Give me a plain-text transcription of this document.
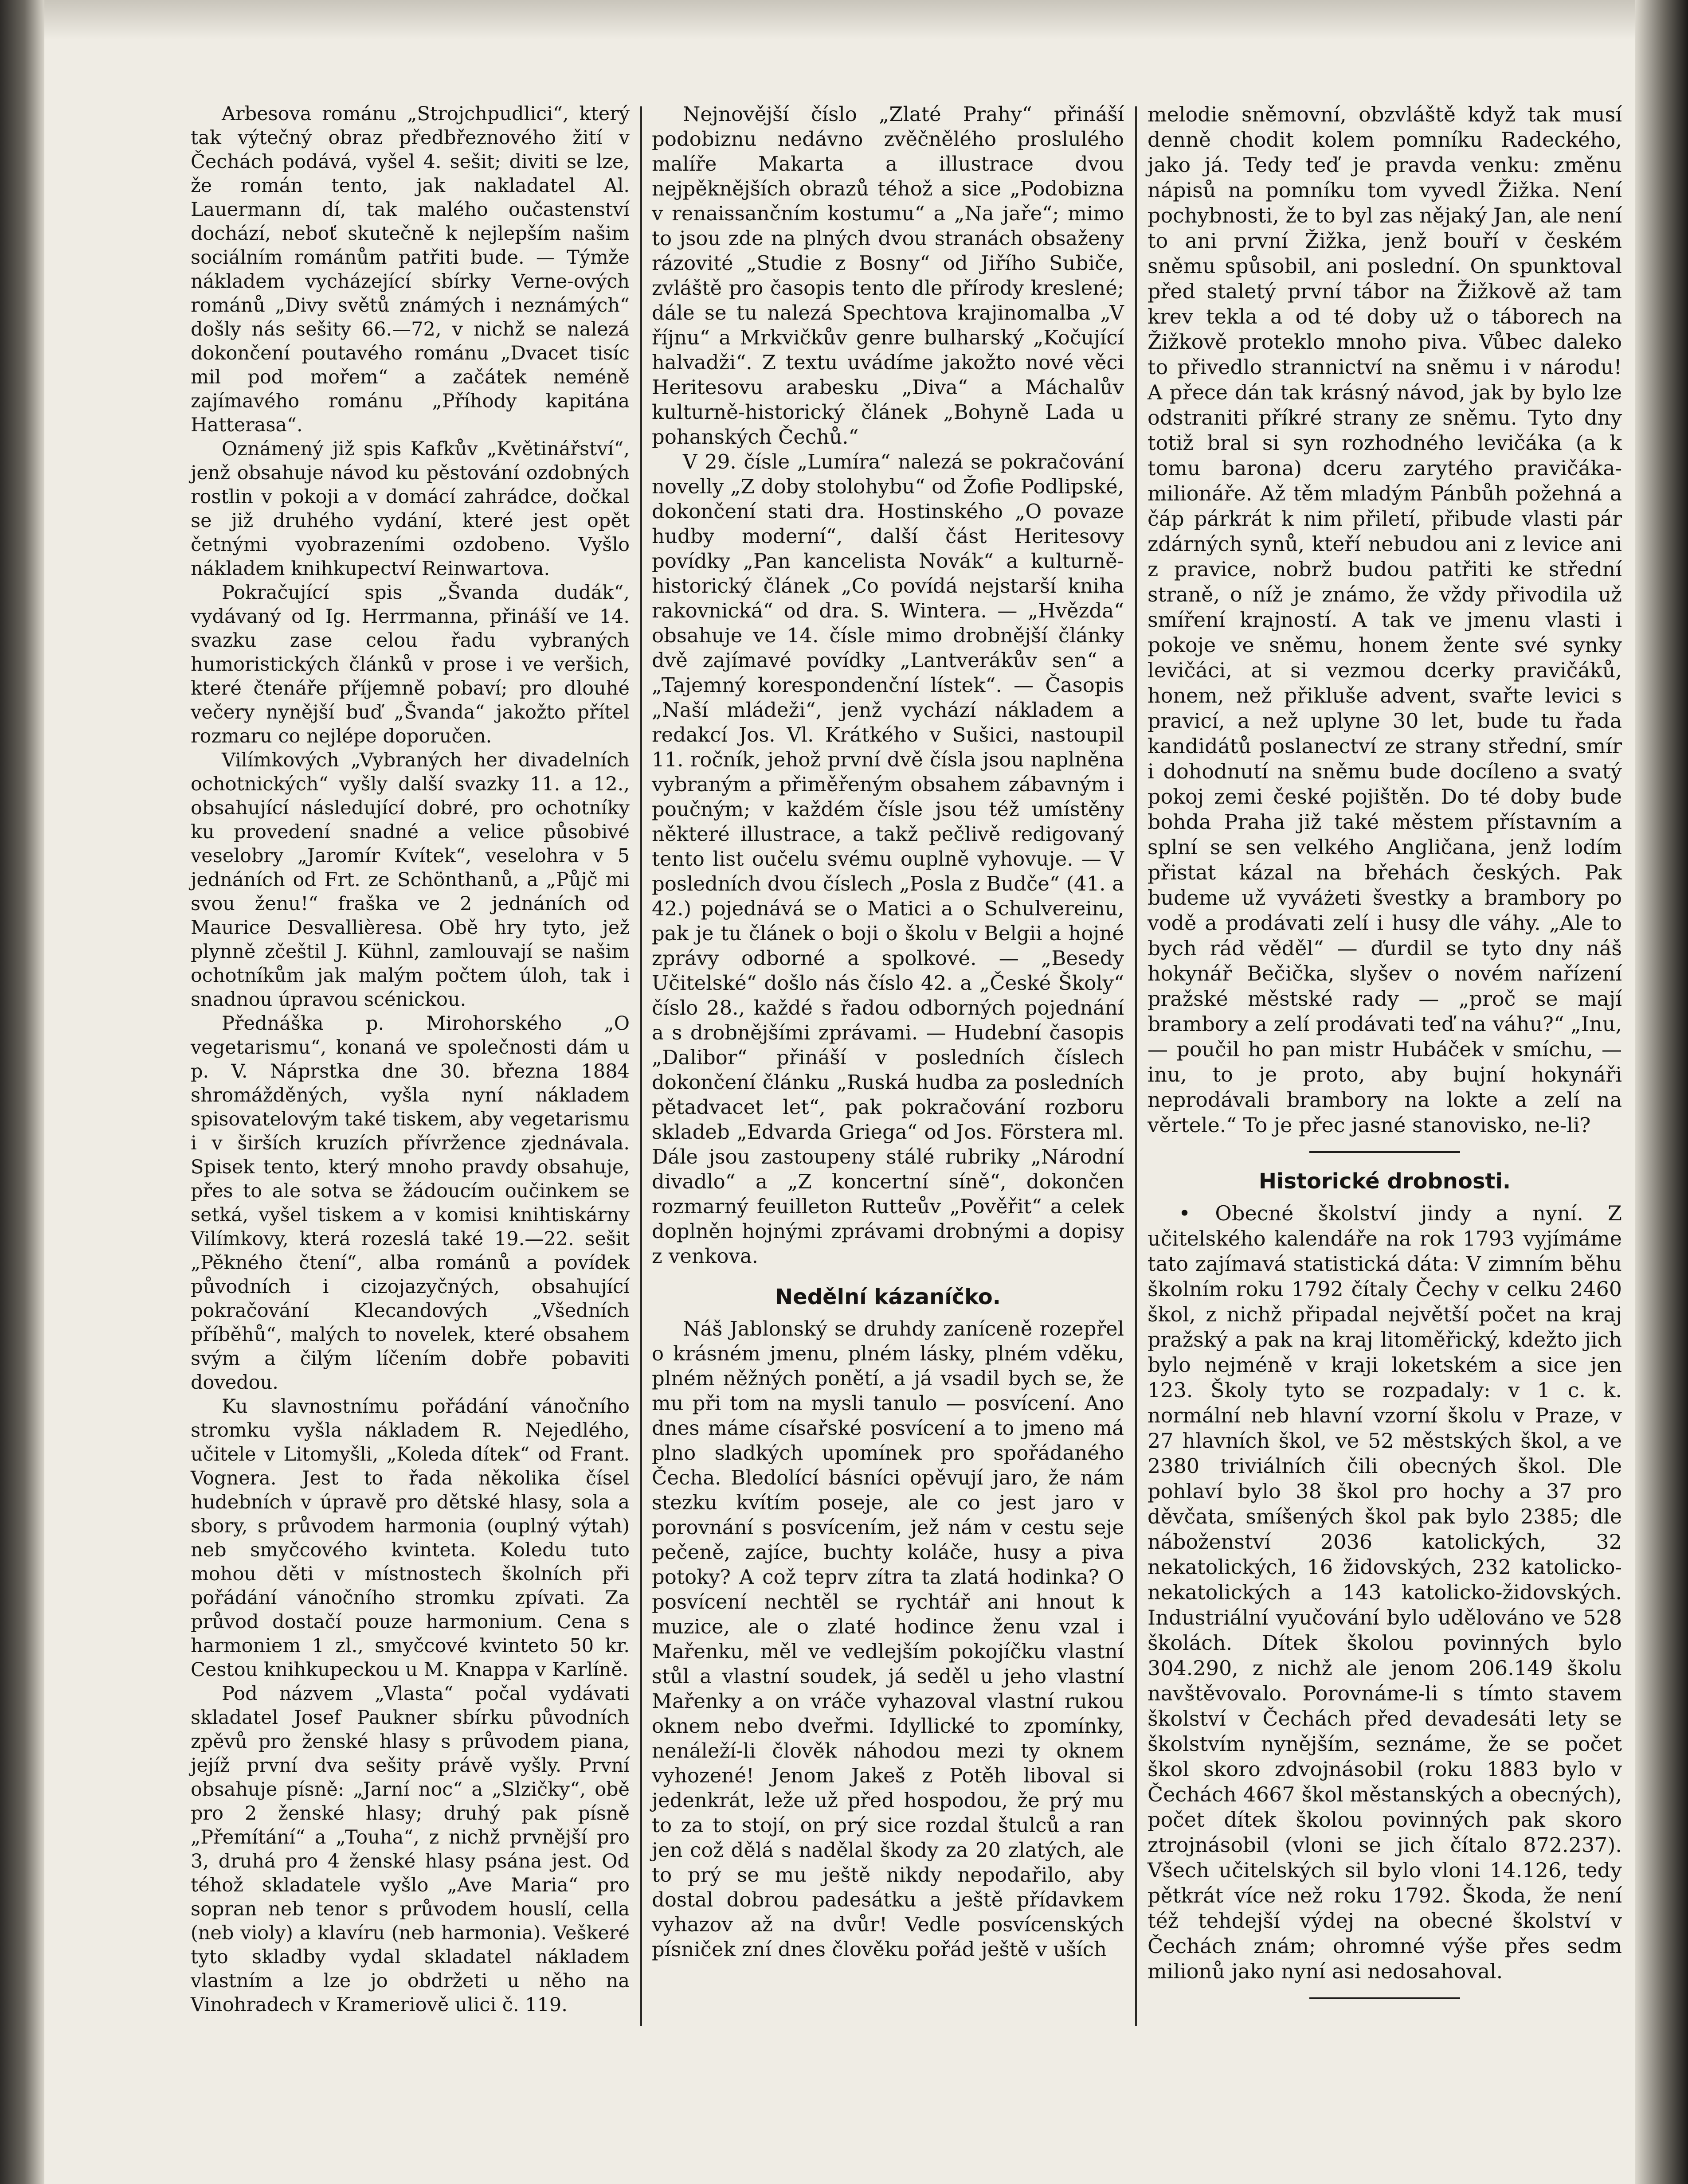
Arbesova románu „Strojchpudlici“, který tak výtečný obraz předbřeznového žití v Čechách podává, vyšel 4. sešit; diviti se lze, že román tento, jak nakladatel Al. Lauermann dí, tak malého oučastenství dochází, neboť skutečně k nejlepším našim sociálním románům patřiti bude. — Týmže nákladem vycházející sbírky Verne-ových románů „Divy světů známých i neznámých“ došly nás sešity 66.—72, v nichž se nalezá dokončení poutavého románu „Dvacet tisíc mil pod mořem“ a začátek neméně zajímavého románu „Příhody kapitána Hatterasa“.

Oznámený již spis Kafkův „Květinářství“, jenž obsahuje návod ku pěstování ozdobných rostlin v pokoji a v domácí zahrádce, dočkal se již druhého vydání, které jest opět četnými vyobrazeními ozdobeno. Vyšlo nákladem knihkupectví Reinwartova.

Pokračující spis „Švanda dudák“, vydávaný od Ig. Herrmanna, přináší ve 14. svazku zase celou řadu vybraných humoristických článků v prose i ve veršich, které čtenáře příjemně pobaví; pro dlouhé večery nynější buď „Švanda“ jakožto přítel rozmaru co nejlépe doporučen.

Vilímkových „Vybraných her divadelních ochotnických“ vyšly další svazky 11. a 12., obsahující následující dobré, pro ochotníky ku provedení snadné a velice působivé veselobry „Jaromír Kvítek“, veselohra v 5 jednáních od Frt. ze Schönthanů, a „Půjč mi svou ženu!“ fraška ve 2 jednáních od Maurice Desvallièresa. Obě hry tyto, jež plynně zčeštil J. Kühnl, zamlouvají se našim ochotníkům jak malým počtem úloh, tak i snadnou úpravou scénickou.

Přednáška p. Mirohorského „O vegetarismu“, konaná ve společnosti dám u p. V. Náprstka dne 30. března 1884 shromážděných, vyšla nyní nákladem spisovatelovým také tiskem, aby vegetarismu i v širších kruzích přívržence zjednávala. Spisek tento, který mnoho pravdy obsahuje, přes to ale sotva se žádoucím oučinkem se setká, vyšel tiskem a v komisi knihtiskárny Vilímkovy, která rozeslá také 19.—22. sešit „Pěkného čtení“, alba románů a povídek původních i cizojazyčných, obsahující pokračování Klecandových „Všedních příběhů“, malých to novelek, které obsahem svým a čilým líčením dobře pobaviti dovedou.

Ku slavnostnímu pořádání vánočního stromku vyšla nákladem R. Nejedlého, učitele v Litomyšli, „Koleda dítek“ od Frant. Vognera. Jest to řada několika čísel hudebních v úpravě pro dětské hlasy, sola a sbory, s průvodem harmonia (ouplný výtah) neb smyčcového kvinteta. Koledu tuto mohou děti v místnostech školních při pořádání vánočního stromku zpívati. Za průvod dostačí pouze harmonium. Cena s harmoniem 1 zl., smyčcové kvinteto 50 kr. Cestou knihkupeckou u M. Knappa v Karlíně.

Pod názvem „Vlasta“ počal vydávati skladatel Josef Paukner sbírku původních zpěvů pro ženské hlasy s průvodem piana, jejíž první dva sešity právě vyšly. První obsahuje písně: „Jarní noc“ a „Slzičky“, obě pro 2 ženské hlasy; druhý pak písně „Přemítání“ a „Touha“, z nichž prvnější pro 3, druhá pro 4 ženské hlasy psána jest. Od téhož skladatele vyšlo „Ave Maria“ pro sopran neb tenor s průvodem houslí, cella (neb violy) a klavíru (neb harmonia). Veškeré tyto skladby vydal skladatel nákladem vlastním a lze jo obdržeti u něho na Vinohradech v Krameriově ulici č. 119.

Nejnovější číslo „Zlaté Prahy“ přináší podobiznu nedávno zvěčnělého proslulého malíře Makarta a illustrace dvou nejpěknějších obrazů téhož a sice „Podobizna v renaissančním kostumu“ a „Na jaře“; mimo to jsou zde na plných dvou stranách obsaženy rázovité „Studie z Bosny“ od Jiřího Subiče, zvláště pro časopis tento dle přírody kreslené; dále se tu nalezá Spechtova krajinomalba „V říjnu“ a Mrkvičkův genre bulharský „Kočující halvadži“. Z textu uvádíme jakožto nové věci Heritesovu arabesku „Diva“ a Máchalův kulturně-historický článek „Bohyně Lada u pohanských Čechů.“

V 29. čísle „Lumíra“ nalezá se pokračování novelly „Z doby stolohybu“ od Žofie Podlipské, dokončení stati dra. Hostinského „O povaze hudby moderní“, další část Heritesovy povídky „Pan kancelista Novák“ a kulturně-historický článek „Co povídá nejstarší kniha rakovnická“ od dra. S. Wintera. — „Hvězda“ obsahuje ve 14. čísle mimo drobnější články dvě zajímavé povídky „Lantverákův sen“ a „Tajemný korespondenční lístek“. — Časopis „Naší mládeži“, jenž vychází nákladem a redakcí Jos. Vl. Krátkého v Sušici, nastoupil 11. ročník, jehož první dvě čísla jsou naplněna vybraným a přiměřeným obsahem zábavným i poučným; v každém čísle jsou též umístěny některé illustrace, a takž pečlivě redigovaný tento list oučelu svému ouplně vyhovuje. — V posledních dvou číslech „Posla z Budče“ (41. a 42.) pojednává se o Matici a o Schulvereinu, pak je tu článek o boji o školu v Belgii a hojné zprávy odborné a spolkové. — „Besedy Učitelské“ došlo nás číslo 42. a „České Školy“ číslo 28., každé s řadou odborných pojednání a s drobnějšími zprávami. — Hudební časopis „Dalibor“ přináší v posledních číslech dokončení článku „Ruská hudba za posledních pětadvacet let“, pak pokračování rozboru skladeb „Edvarda Griega“ od Jos. Förstera ml. Dále jsou zastoupeny stálé rubriky „Národní divadlo“ a „Z koncertní síně“, dokončen rozmarný feuilleton Rutteův „Pověřit“ a celek doplněn hojnými zprávami drobnými a dopisy z venkova.

Nedělní kázaníčko.

Náš Jablonský se druhdy zaníceně rozepřel o krásném jmenu, plném lásky, plném vděku, plném něžných ponětí, a já vsadil bych se, že mu při tom na mysli tanulo — posvícení. Ano dnes máme císařské posvícení a to jmeno má plno sladkých upomínek pro spořádaného Čecha. Bledolící básníci opěvují jaro, že nám stezku kvítím poseje, ale co jest jaro v porovnání s posvícením, jež nám v cestu seje pečeně, zajíce, buchty koláče, husy a piva potoky? A což teprv zítra ta zlatá hodinka? O posvícení nechtěl se rychtář ani hnout k muzice, ale o zlaté hodince ženu vzal i Mařenku, měl ve vedlejším pokojíčku vlastní stůl a vlastní soudek, já seděl u jeho vlastní Mařenky a on vráče vyhazoval vlastní rukou oknem nebo dveřmi. Idyllické to zpomínky, nenáleží-li člověk náhodou mezi ty oknem vyhozené! Jenom Jakeš z Potěh liboval si jedenkrát, leže už před hospodou, že prý mu to za to stojí, on prý sice rozdal štulců a ran jen což dělá s nadělal škody za 20 zlatých, ale to prý se mu ještě nikdy nepodařilo, aby dostal dobrou padesátku a ještě přídavkem vyhazov až na dvůr! Vedle posvícenských písniček zní dnes člověku pořád ještě v uších

melodie sněmovní, obzvláště když tak musí denně chodit kolem pomníku Radeckého, jako já. Tedy teď je pravda venku: změnu nápisů na pomníku tom vyvedl Žižka. Není pochybnosti, že to byl zas nějaký Jan, ale není to ani první Žižka, jenž bouří v českém sněmu spůsobil, ani poslední. On spunktoval před staletý první tábor na Žižkově až tam krev tekla a od té doby už o táborech na Žižkově proteklo mnoho piva. Vůbec daleko to přivedlo strannictví na sněmu i v národu! A přece dán tak krásný návod, jak by bylo lze odstraniti příkré strany ze sněmu. Tyto dny totiž bral si syn rozhodného levičáka (a k tomu barona) dceru zarytého pravičáka-milionáře. Až těm mladým Pánbůh požehná a čáp párkrát k nim přiletí, přibude vlasti pár zdárných synů, kteří nebudou ani z levice ani z pravice, nobrž budou patřiti ke střední straně, o níž je známo, že vždy přivodila už smíření krajností. A tak ve jmenu vlasti i pokoje ve sněmu, honem žente své synky levičáci, at si vezmou dcerky pravičáků, honem, než přikluše advent, svařte levici s pravicí, a než uplyne 30 let, bude tu řada kandidátů poslanectví ze strany střední, smír i dohodnutí na sněmu bude docíleno a svatý pokoj zemi české pojištěn. Do té doby bude bohda Praha již také městem přístavním a splní se sen velkého Angličana, jenž lodím přistat kázal na břehách českých. Pak budeme už vyváżeti švestky a brambory po vodě a prodávati zelí i husy dle váhy. „Ale to bych rád věděl“ — ďurdil se tyto dny náš hokynář Bečička, slyšev o novém nařízení pražské městské rady — „proč se mají brambory a zelí prodávati teď na váhu?“ „Inu, — poučil ho pan mistr Hubáček v smíchu, — inu, to je proto, aby bujní hokynáři neprodávali brambory na lokte a zelí na věrtele.“ To je přec jasné stanovisko, ne-li?

Historické drobnosti.

• Obecné školství jindy a nyní. Z učitelského kalendáře na rok 1793 vyjímáme tato zajímavá statistická dáta: V zimním běhu školním roku 1792 čítaly Čechy v celku 2460 škol, z nichž připadal největší počet na kraj pražský a pak na kraj litoměřický, kdežto jich bylo nejméně v kraji loketském a sice jen 123. Školy tyto se rozpadaly: v 1 c. k. normální neb hlavní vzorní školu v Praze, v 27 hlavních škol, ve 52 městských škol, a ve 2380 triviálních čili obecných škol. Dle pohlaví bylo 38 škol pro hochy a 37 pro děvčata, smíšených škol pak bylo 2385; dle náboženství 2036 katolických, 32 nekatolických, 16 židovských, 232 katolicko-nekatolických a 143 katolicko-židovských. Industriální vyučování bylo udělováno ve 528 školách. Dítek školou povinných bylo 304.290, z nichž ale jenom 206.149 školu navštěvovalo. Porovnáme-li s tímto stavem školství v Čechách před devadesáti lety se školstvím nynějším, seznáme, že se počet škol skoro zdvojnásobil (roku 1883 bylo v Čechách 4667 škol městanských a obecných), počet dítek školou povinných pak skoro ztrojnásobil (vloni se jich čítalo 872.237). Všech učitelských sil bylo vloni 14.126, tedy pětkrát více než roku 1792. Škoda, že není též tehdejší výdej na obecné školství v Čechách znám; ohromné výše přes sedm milionů jako nyní asi nedosahoval.
